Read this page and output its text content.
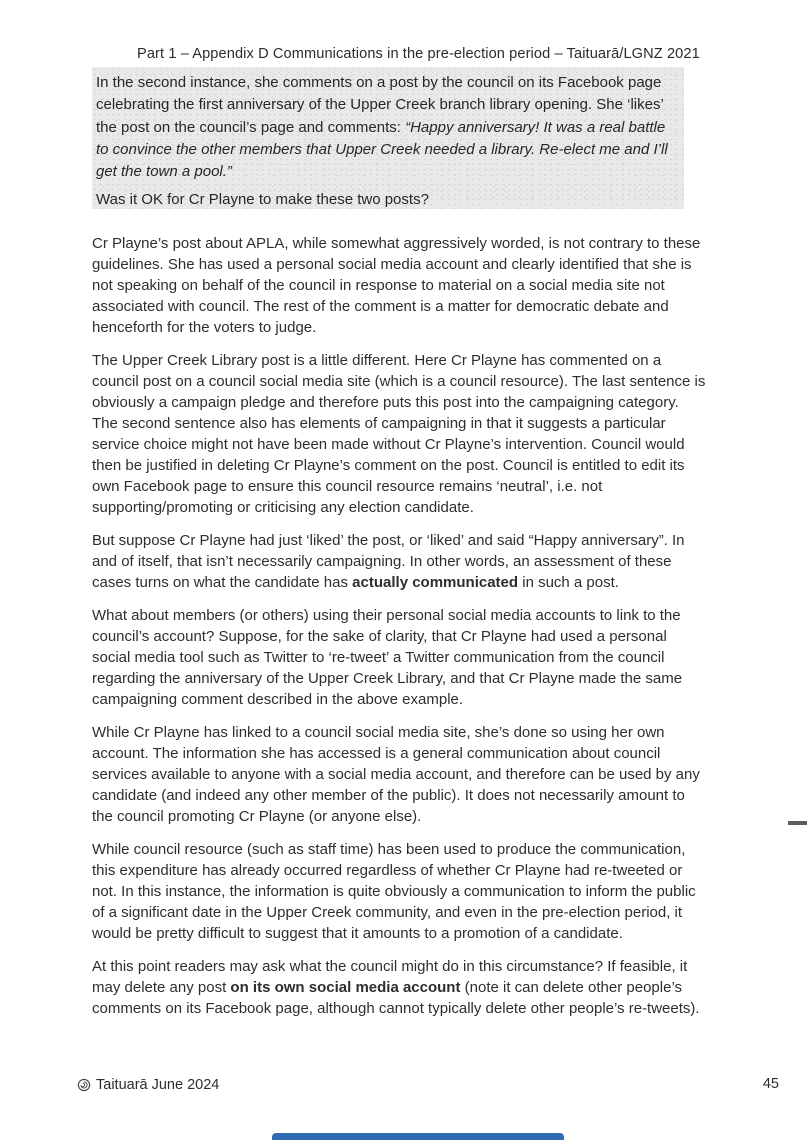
Part 1 – Appendix D Communications in the pre-election period – Taituarā/LGNZ 2021

In the second instance, she comments on a post by the council on its Facebook page celebrating the first anniversary of the Upper Creek branch library opening. She ‘likes’ the post on the council’s page and comments: “Happy anniversary! It was a real battle to convince the other members that Upper Creek needed a library. Re-elect me and I’ll get the town a pool.”

Was it OK for Cr Playne to make these two posts?

Cr Playne’s post about APLA, while somewhat aggressively worded, is not contrary to these guidelines. She has used a personal social media account and clearly identified that she is not speaking on behalf of the council in response to material on a social media site not associated with council. The rest of the comment is a matter for democratic debate and henceforth for the voters to judge.

The Upper Creek Library post is a little different. Here Cr Playne has commented on a council post on a council social media site (which is a council resource). The last sentence is obviously a campaign pledge and therefore puts this post into the campaigning category. The second sentence also has elements of campaigning in that it suggests a particular service choice might not have been made without Cr Playne’s intervention. Council would then be justified in deleting Cr Playne’s comment on the post. Council is entitled to edit its own Facebook page to ensure this council resource remains ‘neutral’, i.e. not supporting/promoting or criticising any election candidate.

But suppose Cr Playne had just ‘liked’ the post, or ‘liked’ and said “Happy anniversary”. In and of itself, that isn’t necessarily campaigning. In other words, an assessment of these cases turns on what the candidate has actually communicated in such a post.

What about members (or others) using their personal social media accounts to link to the council’s account? Suppose, for the sake of clarity, that Cr Playne had used a personal social media tool such as Twitter to ‘re-tweet’ a Twitter communication from the council regarding the anniversary of the Upper Creek Library, and that Cr Playne made the same campaigning comment described in the above example.

While Cr Playne has linked to a council social media site, she’s done so using her own account. The information she has accessed is a general communication about council services available to anyone with a social media account, and therefore can be used by any candidate (and indeed any other member of the public). It does not necessarily amount to the council promoting Cr Playne (or anyone else).

While council resource (such as staff time) has been used to produce the communication, this expenditure has already occurred regardless of whether Cr Playne had re-tweeted or not. In this instance, the information is quite obviously a communication to inform the public of a significant date in the Upper Creek community, and even in the pre-election period, it would be pretty difficult to suggest that it amounts to a promotion of a candidate.

At this point readers may ask what the council might do in this circumstance? If feasible, it may delete any post on its own social media account (note it can delete other people’s comments on its Facebook page, although cannot typically delete other people’s re-tweets).

Taituarā June 2024	45
